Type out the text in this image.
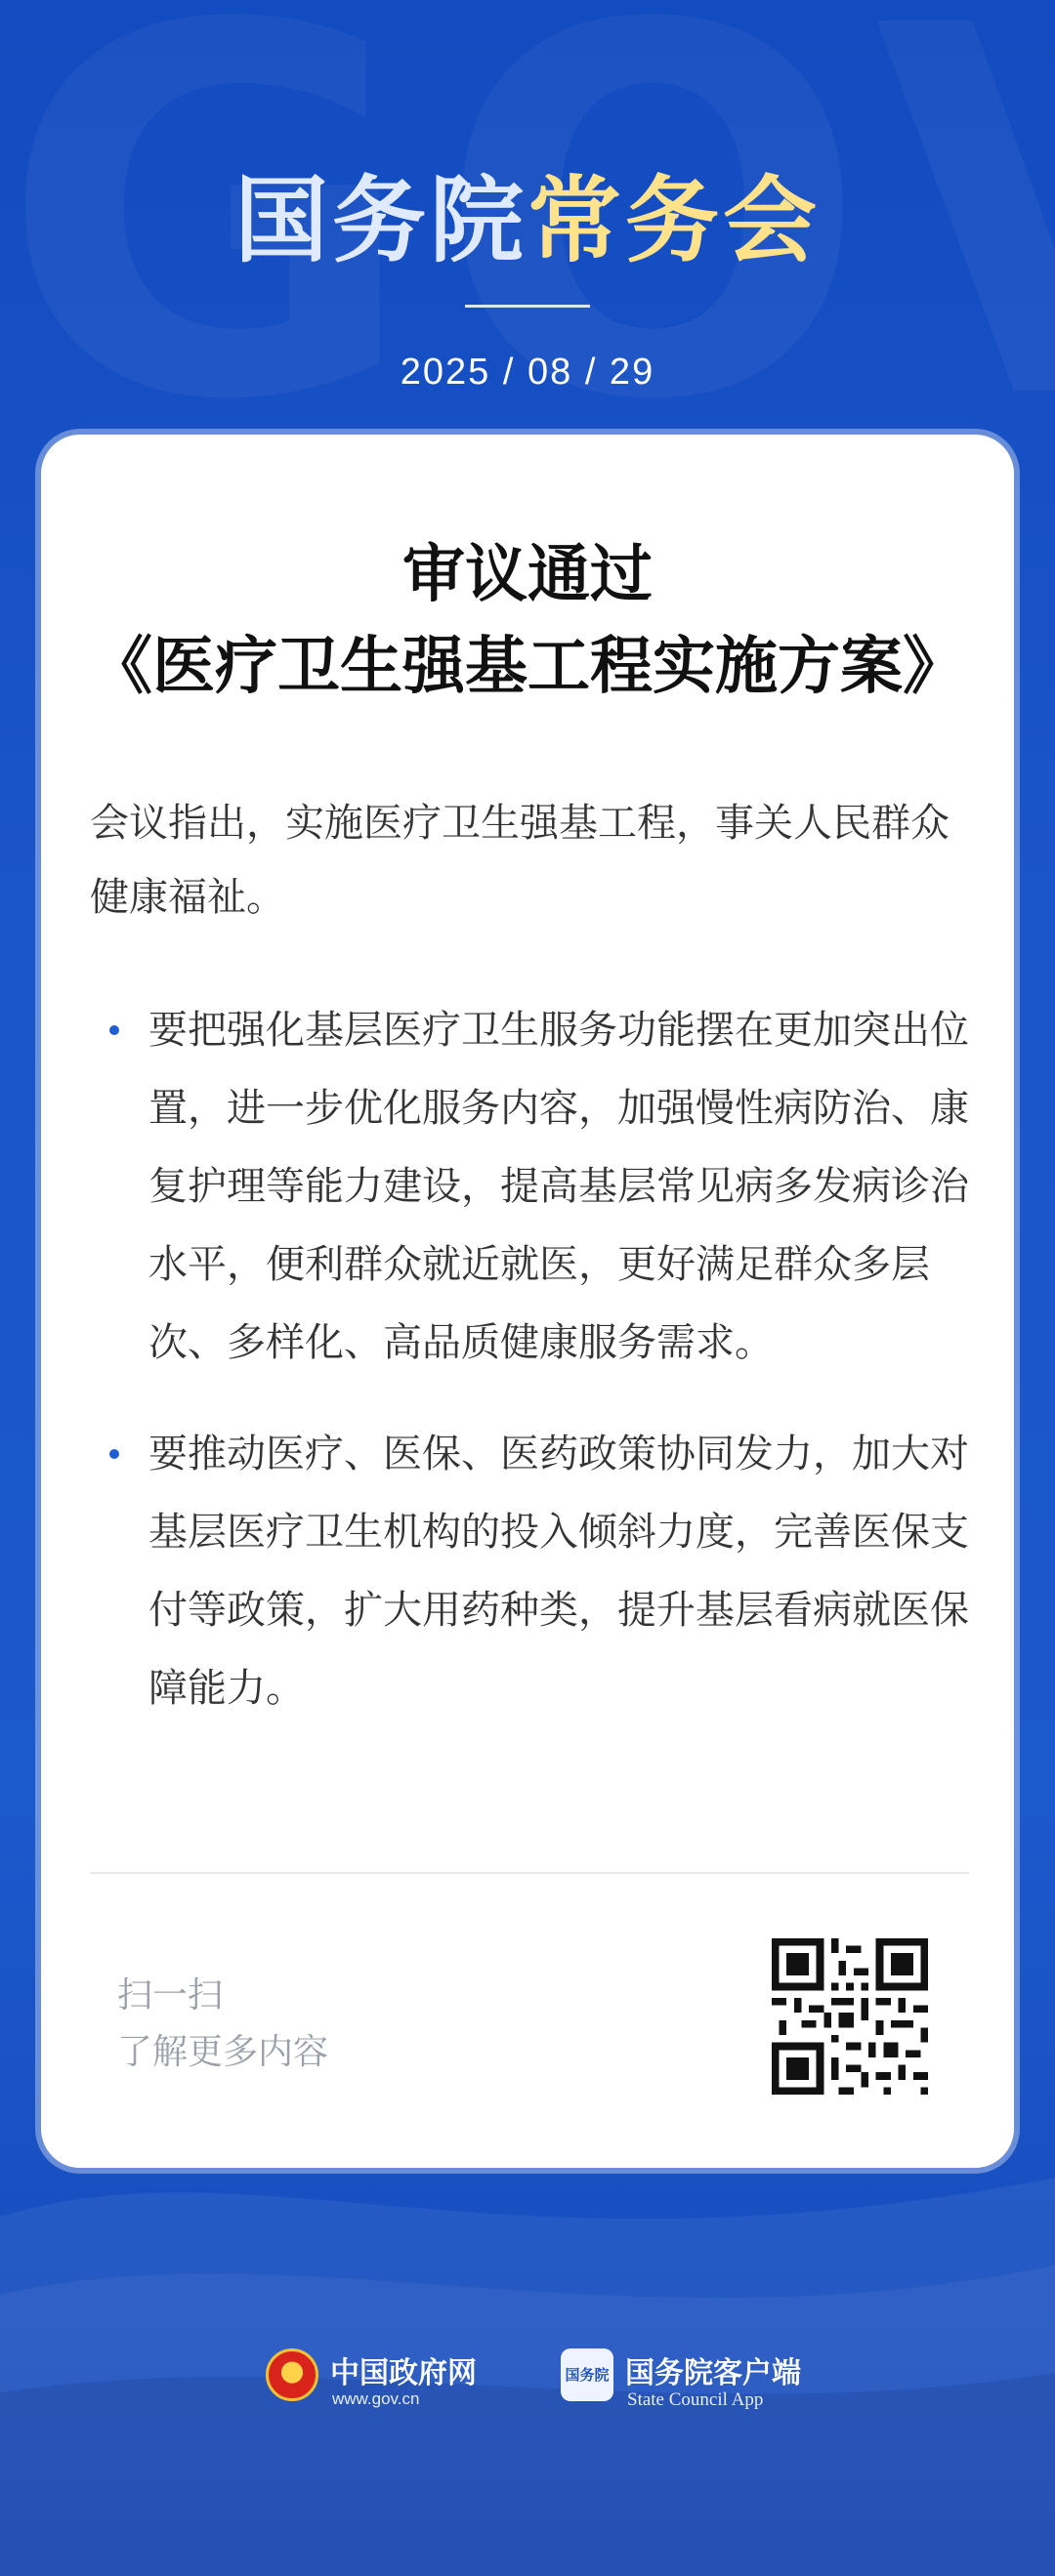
国务院常务会
2025 / 08 / 29
审议通过
《医疗卫生强基工程实施方案》
会议指出，实施医疗卫生强基工程，事关人民群众健康福祉。
要把强化基层医疗卫生服务功能摆在更加突出位置，进一步优化服务内容，加强慢性病防治、康复护理等能力建设，提高基层常见病多发病诊治水平，便利群众就近就医，更好满足群众多层次、多样化、高品质健康服务需求。
要推动医疗、医保、医药政策协同发力，加大对基层医疗卫生机构的投入倾斜力度，完善医保支付等政策，扩大用药种类，提升基层看病就医保障能力。
扫一扫
了解更多内容
中国政府网
www.gov.cn
国务院 国务院客户端
State Council App
